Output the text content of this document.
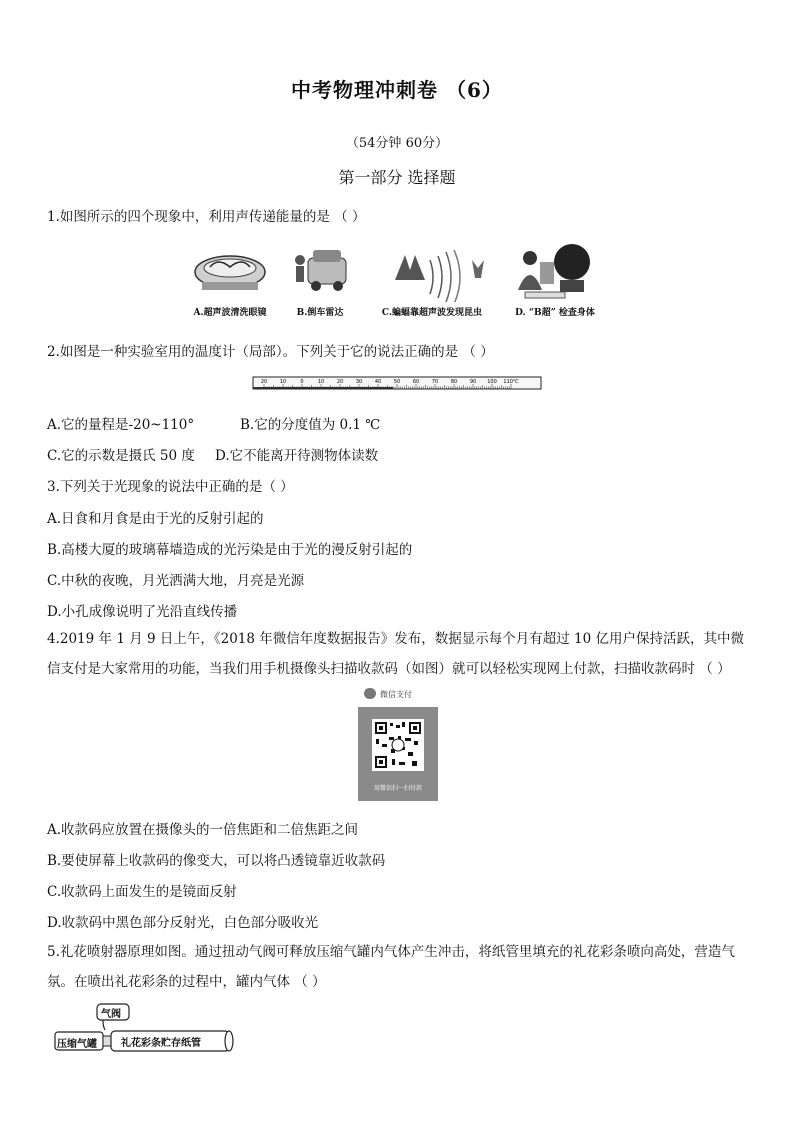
中考物理冲刺卷 （6）
（54分钟 60分）
第一部分 选择题
1.如图所示的四个现象中，利用声传递能量的是 （ ）
A.超声波清洗眼镜	B.倒车雷达	C.蝙蝠靠超声波发现昆虫	D. “B超” 检查身体
2.如图是一种实验室用的温度计（局部）。下列关于它的说法正确的是 （ ）
20	10	0	10	20	30	40	50	60	70	80	90 100 110℃
A.它的量程是-20~110°	B.它的分度值为 0.1 ℃
C.它的示数是摄氏 50 度 D.它不能离开待测物体读数
3.下列关于光现象的说法中正确的是（ ）
A.日食和月食是由于光的反射引起的
B.高楼大厦的玻璃幕墙造成的光污染是由于光的漫反射引起的
C.中秋的夜晚，月光洒满大地，月亮是光源
D.小孔成像说明了光沿直线传播
4.2019 年 1 月 9 日上午，《2018 年微信年度数据报告》发布，数据显示每个月有超过 10 亿用户保持活跃，其中微信支付是大家常用的功能，当我们用手机摄像头扫描收款码（如图）就可以轻松实现网上付款，扫描收款码时 （ ）
微信支付
用微信扫一扫付款
A.收款码应放置在摄像头的一倍焦距和二倍焦距之间
B.要使屏幕上收款码的像变大，可以将凸透镜靠近收款码
C.收款码上面发生的是镜面反射
D.收款码中黑色部分反射光，白色部分吸收光
5.礼花喷射器原理如图。通过扭动气阀可释放压缩气罐内气体产生冲击，将纸管里填充的礼花彩条喷向高处，营造气氛。在喷出礼花彩条的过程中，罐内气体 （ ）
气阀
压缩气罐 礼花彩条贮存纸管
